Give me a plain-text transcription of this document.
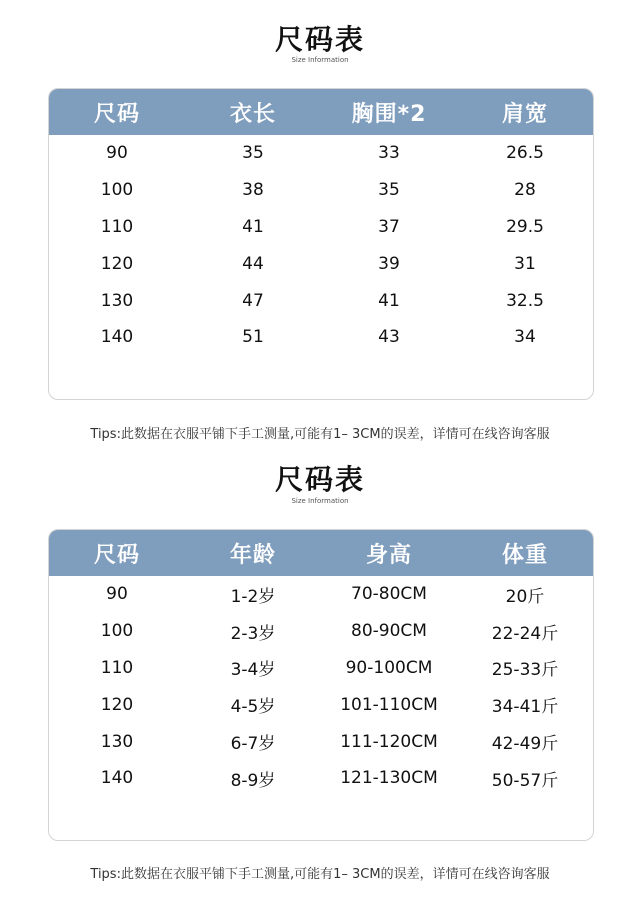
尺码表
Size Information
尺码	衣长	胸围*2	肩宽
90	35	33	26.5
100	38	35	28
110	41	37	29.5
120	44	39	31
130	47	41	32.5
140	51	43	34
Tips:此数据在衣服平铺下手工测量,可能有1– 3CM的误差，详情可在线咨询客服
尺码表
Size Information
尺码	年龄	身高	体重
90	1-2岁	70-80CM	20斤
100	2-3岁	80-90CM	22-24斤
110	3-4岁	90-100CM	25-33斤
120	4-5岁	101-110CM	34-41斤
130	6-7岁	111-120CM	42-49斤
140	8-9岁	121-130CM	50-57斤
Tips:此数据在衣服平铺下手工测量,可能有1– 3CM的误差，详情可在线咨询客服
